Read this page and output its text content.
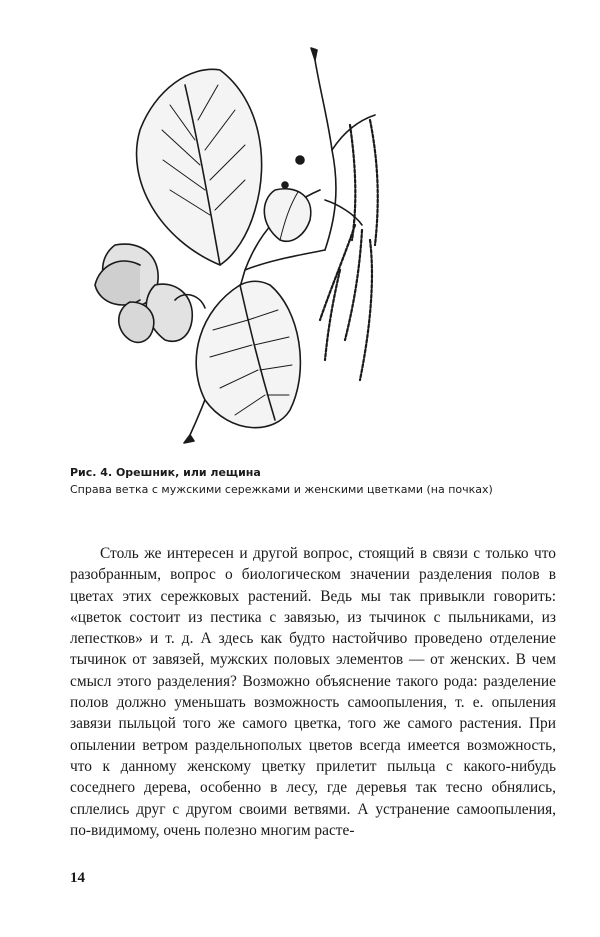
Рис. 4. Орешник, или лещина
Справа ветка с мужскими сережками и женскими цветками (на почках)

Столь же интересен и другой вопрос, стоящий в связи с только что разобранным, вопрос о биологическом значении разделения полов в цветах этих сережковых растений. Ведь мы так привыкли говорить: «цветок состоит из пестика с завязью, из тычинок с пыльниками, из лепестков» и т. д. А здесь как будто настойчиво проведено отделение тычинок от завязей, мужских половых элементов — от женских. В чем смысл этого разделения? Возможно объяснение такого рода: разделение полов должно уменьшать возможность самоопыления, т. е. опыления завязи пыльцой того же самого цветка, того же самого растения. При опылении ветром раздельнополых цветов всегда имеется возможность, что к данному женскому цветку прилетит пыльца с какого-нибудь соседнего дерева, особенно в лесу, где деревья так тесно обнялись, сплелись друг с другом своими ветвями. А устранение самоопыления, по-видимому, очень полезно многим расте-

14
